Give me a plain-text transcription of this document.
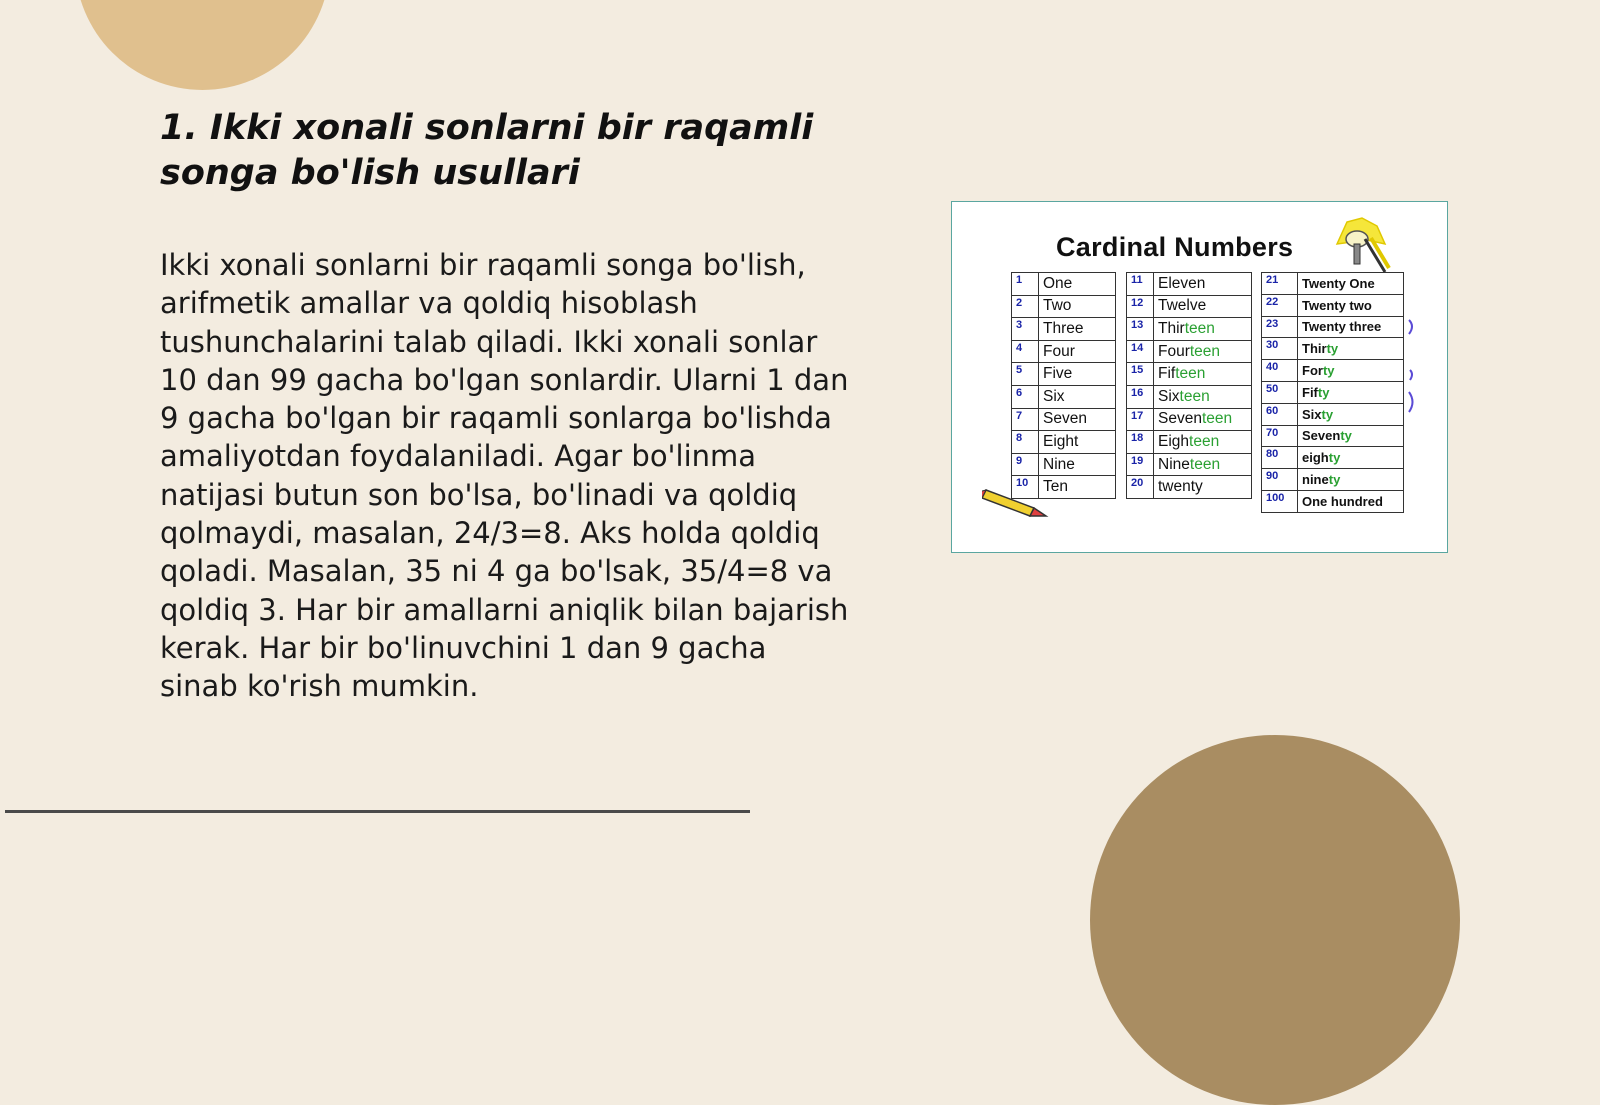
1. Ikki xonali sonlarni bir raqamli songa bo'lish usullari

Ikki xonali sonlarni bir raqamli songa bo'lish, arifmetik amallar va qoldiq hisoblash tushunchalarini talab qiladi. Ikki xonali sonlar 10 dan 99 gacha bo'lgan sonlardir. Ularni 1 dan 9 gacha bo'lgan bir raqamli sonlarga bo'lishda amaliyotdan foydalaniladi. Agar bo'linma natijasi butun son bo'lsa, bo'linadi va qoldiq qolmaydi, masalan, 24/3=8. Aks holda qoldiq qoladi. Masalan, 35 ni 4 ga bo'lsak, 35/4=8 va qoldiq 3. Har bir amallarni aniqlik bilan bajarish kerak. Har bir bo'linuvchini 1 dan 9 gacha sinab ko'rish mumkin.

Cardinal Numbers
1	One
2	Two
3	Three
4	Four
5	Five
6	Six
7	Seven
8	Eight
9	Nine
10	Ten
11	Eleven
12	Twelve
13	Thirteen
14	Fourteen
15	Fifteen
16	Sixteen
17	Seventeen
18	Eighteen
19	Nineteen
20	twenty
21	Twenty One
22	Twenty two
23	Twenty three
30	Thirty
40	Forty
50	Fifty
60	Sixty
70	Seventy
80	eighty
90	ninety
100	One hundred
